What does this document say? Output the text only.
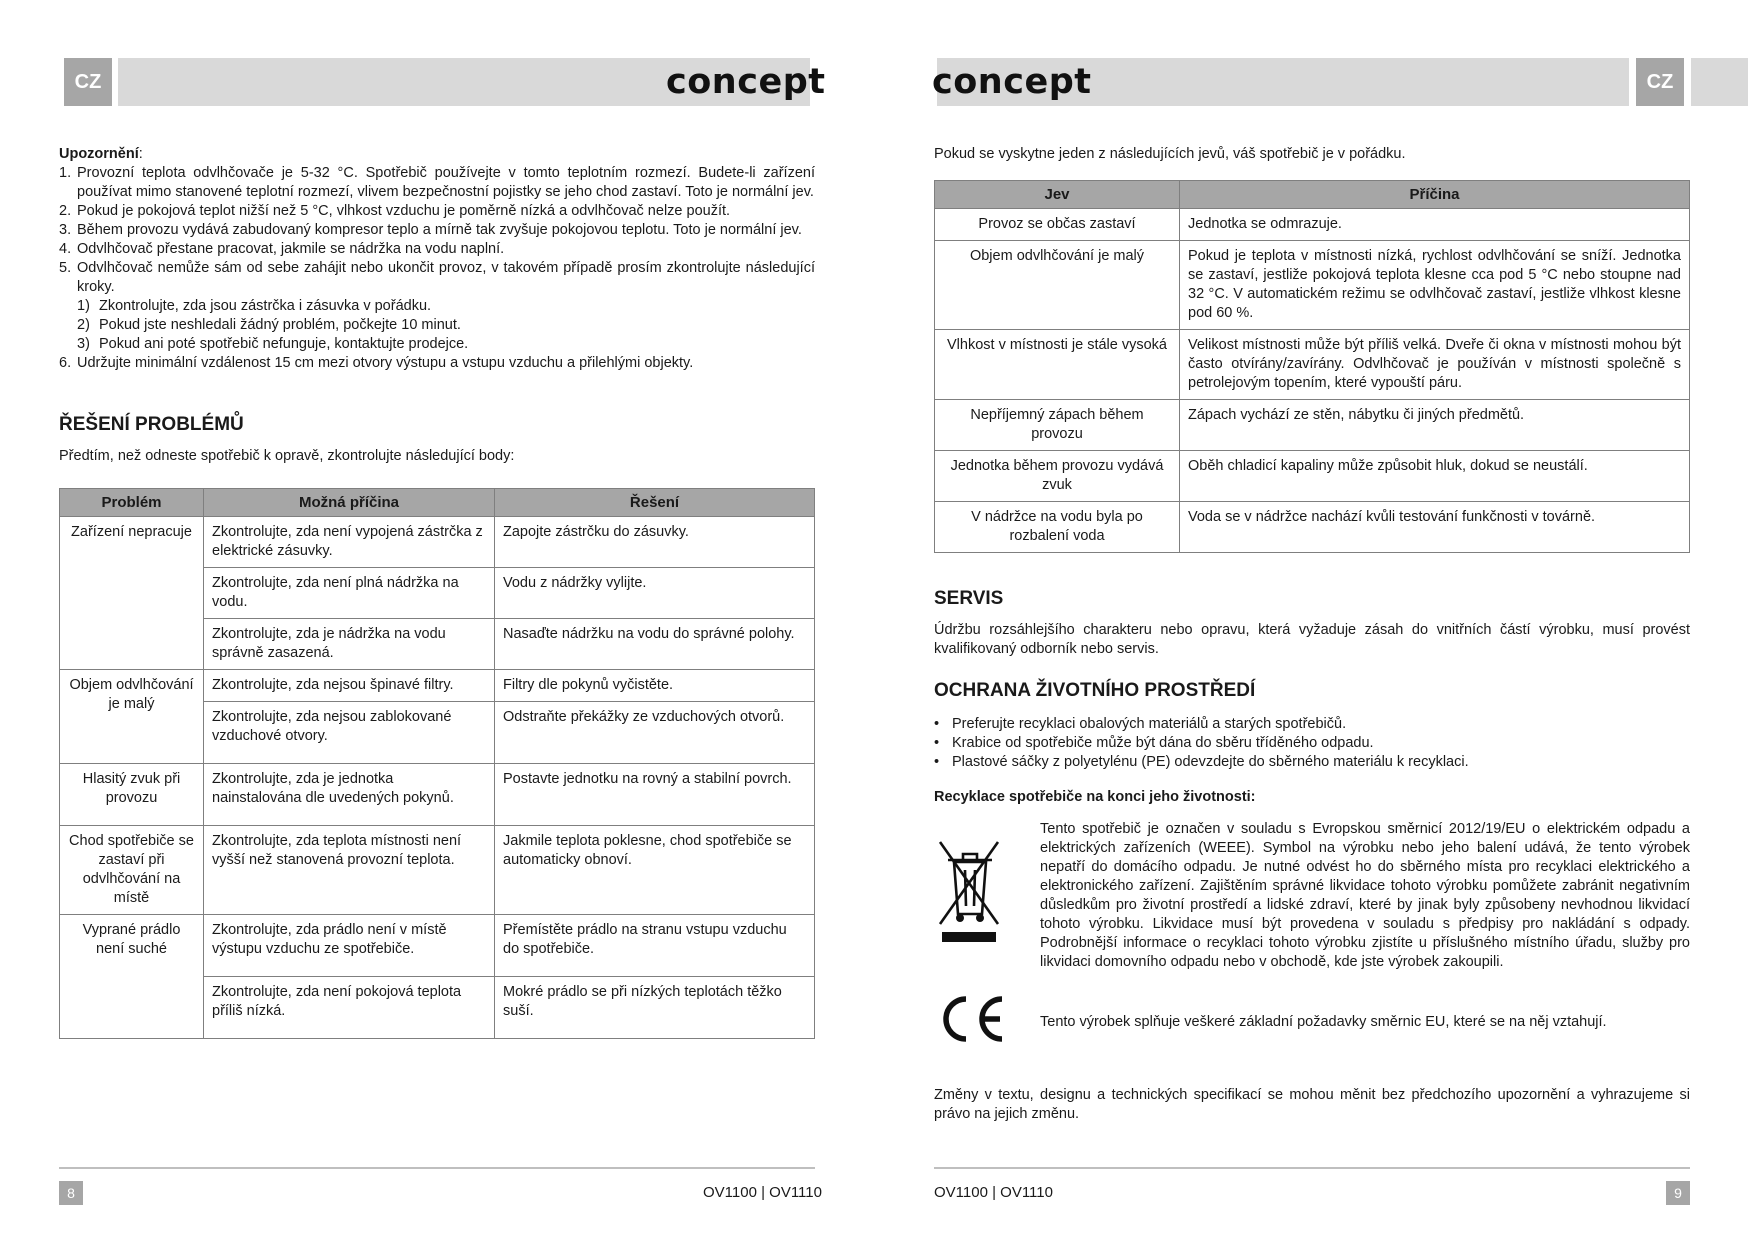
CZ	CZ
concept	concept
Upozornění:
1. Provozní teplota odvlhčovače je 5-32 °C. Spotřebič používejte v tomto teplotním rozmezí. Budete-li zařízení používat mimo stanovené teplotní rozmezí, vlivem bezpečnostní pojistky se jeho chod zastaví. Toto je normální jev.
2. Pokud je pokojová teplot nižší než 5 °C, vlhkost vzduchu je poměrně nízká a odvlhčovač nelze použít.
3. Během provozu vydává zabudovaný kompresor teplo a mírně tak zvyšuje pokojovou teplotu. Toto je normální jev.
4. Odvlhčovač přestane pracovat, jakmile se nádržka na vodu naplní.
5. Odvlhčovač nemůže sám od sebe zahájit nebo ukončit provoz, v takovém případě prosím zkontrolujte následující kroky.
1) Zkontrolujte, zda jsou zástrčka i zásuvka v pořádku.
2) Pokud jste neshledali žádný problém, počkejte 10 minut.
3) Pokud ani poté spotřebič nefunguje, kontaktujte prodejce.
6. Udržujte minimální vzdálenost 15 cm mezi otvory výstupu a vstupu vzduchu a přilehlými objekty.
ŘEŠENÍ PROBLÉMŮ

Předtím, než odneste spotřebič k opravě, zkontrolujte následující body:

Problém	Možná příčina	Řešení
Zařízení nepracuje	Zkontrolujte, zda není vypojená zástrčka z elektrické zásuvky.	Zapojte zástrčku do zásuvky.
	Zkontrolujte, zda není plná nádržka na vodu.	Vodu z nádržky vylijte.
	Zkontrolujte, zda je nádržka na vodu správně zasazená.	Nasaďte nádržku na vodu do správné polohy.
Objem odvlhčování je malý	Zkontrolujte, zda nejsou špinavé filtry.	Filtry dle pokynů vyčistěte.
	Zkontrolujte, zda nejsou zablokované vzduchové otvory.	Odstraňte překážky ze vzduchových otvorů.
Hlasitý zvuk při provozu	Zkontrolujte, zda je jednotka nainstalována dle uvedených pokynů.	Postavte jednotku na rovný a stabilní povrch.
Chod spotřebiče se zastaví při odvlhčování na místě	Zkontrolujte, zda teplota místnosti není vyšší než stanovená provozní teplota.	Jakmile teplota poklesne, chod spotřebiče se automaticky obnoví.
Vyprané prádlo není suché	Zkontrolujte, zda prádlo není v místě výstupu vzduchu ze spotřebiče.	Přemístěte prádlo na stranu vstupu vzduchu do spotřebiče.
	Zkontrolujte, zda není pokojová teplota příliš nízká.	Mokré prádlo se při nízkých teplotách těžko suší.

Pokud se vyskytne jeden z následujících jevů, váš spotřebič je v pořádku.

Jev	Příčina
Provoz se občas zastaví	Jednotka se odmrazuje.
Objem odvlhčování je malý	Pokud je teplota v místnosti nízká, rychlost odvlhčování se sníží. Jednotka se zastaví, jestliže pokojová teplota klesne cca pod 5 °C nebo stoupne nad 32 °C. V automatickém režimu se odvlhčovač zastaví, jestliže vlhkost klesne pod 60 %.
Vlhkost v místnosti je stále vysoká	Velikost místnosti může být příliš velká. Dveře či okna v místnosti mohou být často otvírány/zavírány. Odvlhčovač je používán v místnosti společně s petrolejovým topením, které vypouští páru.
Nepříjemný zápach během provozu	Zápach vychází ze stěn, nábytku či jiných předmětů.
Jednotka během provozu vydává zvuk	Oběh chladicí kapaliny může způsobit hluk, dokud se neustálí.
V nádržce na vodu byla po rozbalení voda	Voda se v nádržce nachází kvůli testování funkčnosti v továrně.
SERVIS

Údržbu rozsáhlejšího charakteru nebo opravu, která vyžaduje zásah do vnitřních částí výrobku, musí provést kvalifikovaný odborník nebo servis.

OCHRANA ŽIVOTNÍHO PROSTŘEDÍ
• Preferujte recyklaci obalových materiálů a starých spotřebičů.
• Krabice od spotřebiče může být dána do sběru tříděného odpadu.
• Plastové sáčky z polyetylénu (PE) odevzdejte do sběrného materiálu k recyklaci.
Recyklace spotřebiče na konci jeho životnosti:

Tento spotřebič je označen v souladu s Evropskou směrnicí 2012/19/EU o elektrickém odpadu a elektrických zařízeních (WEEE). Symbol na výrobku nebo jeho balení udává, že tento výrobek nepatří do domácího odpadu. Je nutné odvést ho do sběrného místa pro recyklaci elektrického a elektronického zařízení. Zajištěním správné likvidace tohoto výrobku pomůžete zabránit negativním důsledkům pro životní prostředí a lidské zdraví, které by jinak byly způsobeny nevhodnou likvidací tohoto výrobku. Likvidace musí být provedena v souladu s předpisy pro nakládání s odpady. Podrobnější informace o recyklaci tohoto výrobku zjistíte u příslušného místního úřadu, služby pro likvidaci domovního odpadu nebo v obchodě, kde jste výrobek zakoupili.

Tento výrobek splňuje veškeré základní požadavky směrnic EU, které se na něj vztahují.

Změny v textu, designu a technických specifikací se mohou měnit bez předchozího upozornění a vyhrazujeme si právo na jejich změnu.

8	9
OV1100 | OV1110	OV1100 | OV1110
